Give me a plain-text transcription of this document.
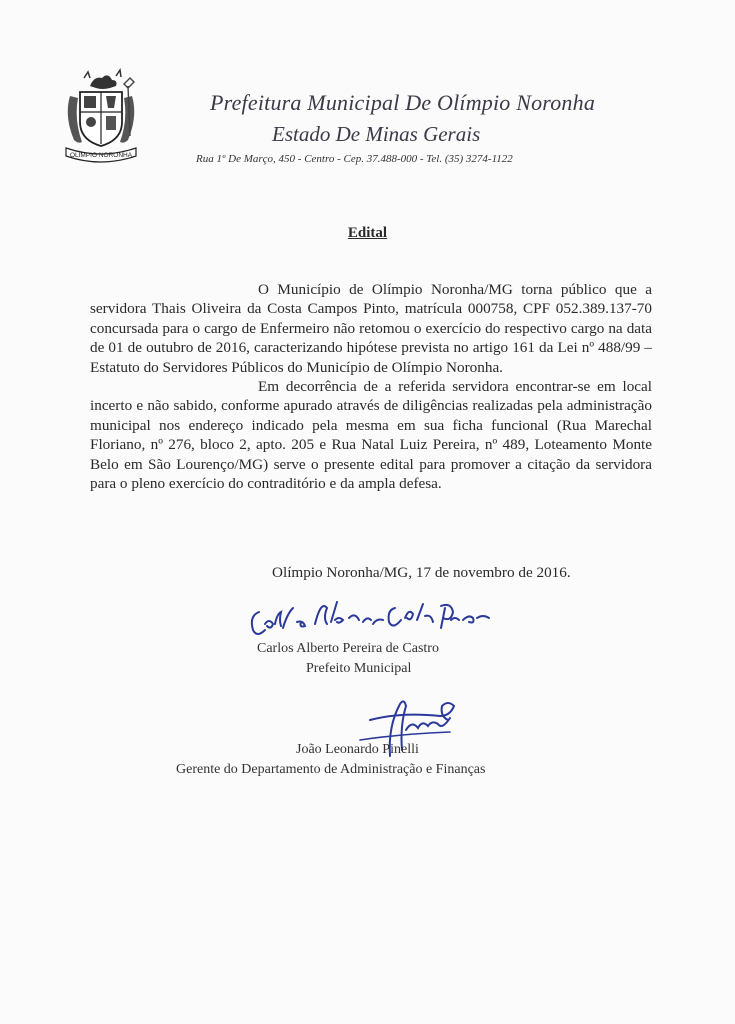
OLIMPIO NORONHA
Prefeitura Municipal De Olímpio Noronha
Estado De Minas Gerais
Rua 1º De Março, 450 - Centro - Cep. 37.488-000 - Tel. (35) 3274-1122
Edital

O Município de Olímpio Noronha/MG torna público que a servidora Thais Oliveira da Costa Campos Pinto, matrícula 000758, CPF 052.389.137-70 concursada para o cargo de Enfermeiro não retomou o exercício do respectivo cargo na data de 01 de outubro de 2016, caracterizando hipótese prevista no artigo 161 da Lei nº 488/99 – Estatuto do Servidores Públicos do Município de Olímpio Noronha.

Em decorrência de a referida servidora encontrar-se em local incerto e não sabido, conforme apurado através de diligências realizadas pela administração municipal nos endereço indicado pela mesma em sua ficha funcional (Rua Marechal Floriano, nº 276, bloco 2, apto. 205 e Rua Natal Luiz Pereira, nº 489, Loteamento Monte Belo em São Lourenço/MG) serve o presente edital para promover a citação da servidora para o pleno exercício do contraditório e da ampla defesa.

Olímpio Noronha/MG, 17 de novembro de 2016.
Carlos Alberto Pereira de Castro
Prefeito Municipal
João Leonardo Pinelli
Gerente do Departamento de Administração e Finanças
